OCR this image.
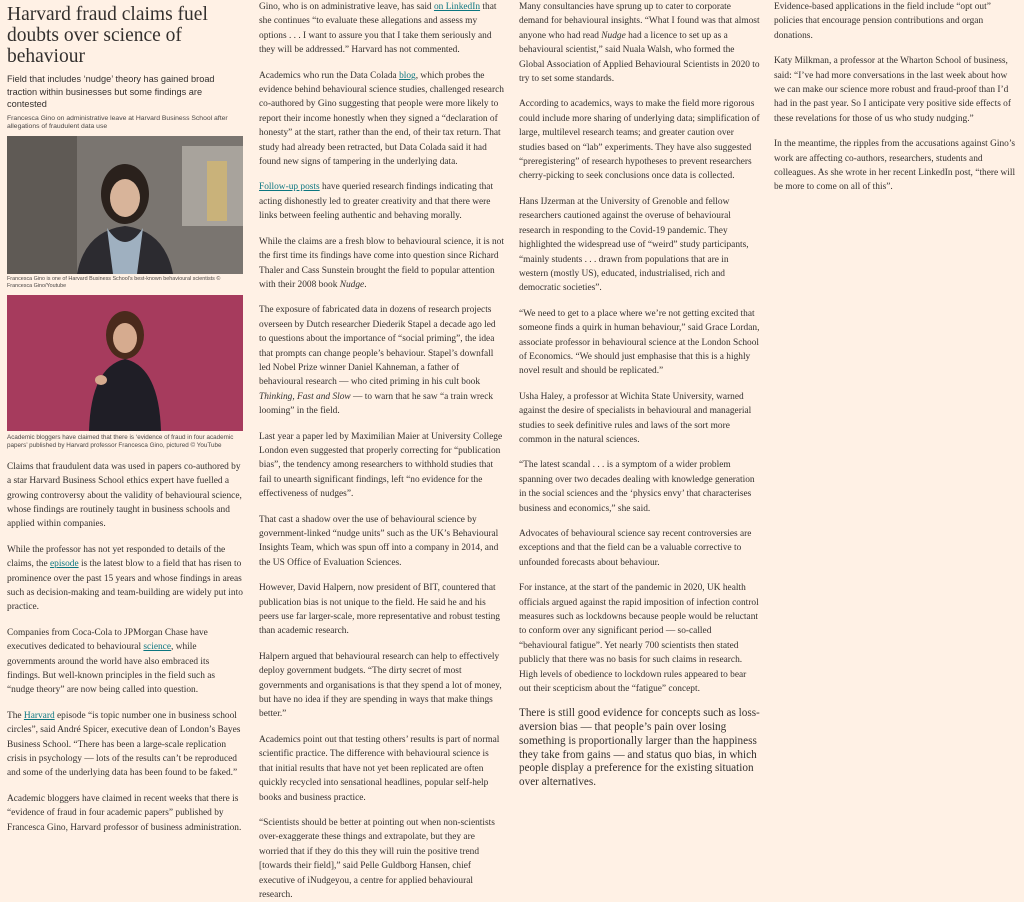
Harvard fraud claims fuel doubts over science of behaviour

Field that includes ‘nudge’ theory has gained broad traction within businesses but some findings are contested

Francesca Gino on administrative leave at Harvard Business School after allegations of fraudulent data use

Francesca Gino is one of Harvard Business School’s best-known behavioural scientists © Francesca Gino/Youtube

Academic bloggers have claimed that there is ‘evidence of fraud in four academic papers’ published by Harvard professor Francesca Gino, pictured © YouTube

Claims that fraudulent data was used in papers co-authored by a star Harvard Business School ethics expert have fuelled a growing controversy about the validity of behavioural science, whose findings are routinely taught in business schools and applied within companies.

While the professor has not yet responded to details of the claims, the episode is the latest blow to a field that has risen to prominence over the past 15 years and whose findings in areas such as decision-making and team-building are widely put into practice.

Companies from Coca-Cola to JPMorgan Chase have executives dedicated to behavioural science, while governments around the world have also embraced its findings. But well-known principles in the field such as “nudge theory” are now being called into question.

The Harvard episode “is topic number one in business school circles”, said André Spicer, executive dean of London’s Bayes Business School. “There has been a large-scale replication crisis in psychology — lots of the results can’t be reproduced and some of the underlying data has been found to be faked.”

Academic bloggers have claimed in recent weeks that there is “evidence of fraud in four academic papers” published by Francesca Gino, Harvard professor of business administration.

Gino, who is on administrative leave, has said on LinkedIn that she continues “to evaluate these allegations and assess my options . . . I want to assure you that I take them seriously and they will be addressed.” Harvard has not commented.

Academics who run the Data Colada blog, which probes the evidence behind behavioural science studies, challenged research co-authored by Gino suggesting that people were more likely to report their income honestly when they signed a “declaration of honesty” at the start, rather than the end, of their tax return. That study had already been retracted, but Data Colada said it had found new signs of tampering in the underlying data.

Follow-up posts have queried research findings indicating that acting dishonestly led to greater creativity and that there were links between feeling authentic and behaving morally.

While the claims are a fresh blow to behavioural science, it is not the first time its findings have come into question since Richard Thaler and Cass Sunstein brought the field to popular attention with their 2008 book Nudge.

The exposure of fabricated data in dozens of research projects overseen by Dutch researcher Diederik Stapel a decade ago led to questions about the importance of “social priming”, the idea that prompts can change people’s behaviour. Stapel’s downfall led Nobel Prize winner Daniel Kahneman, a father of behavioural research — who cited priming in his cult book Thinking, Fast and Slow — to warn that he saw “a train wreck looming” in the field.

Last year a paper led by Maximilian Maier at University College London even suggested that properly correcting for “publication bias”, the tendency among researchers to withhold studies that fail to unearth significant findings, left “no evidence for the effectiveness of nudges”.

That cast a shadow over the use of behavioural science by government-linked “nudge units” such as the UK’s Behavioural Insights Team, which was spun off into a company in 2014, and the US Office of Evaluation Sciences.

However, David Halpern, now president of BIT, countered that publication bias is not unique to the field. He said he and his peers use far larger-scale, more representative and robust testing than academic research.

Halpern argued that behavioural research can help to effectively deploy government budgets. “The dirty secret of most governments and organisations is that they spend a lot of money, but have no idea if they are spending in ways that make things better.”

Academics point out that testing others’ results is part of normal scientific practice. The difference with behavioural science is that initial results that have not yet been replicated are often quickly recycled into sensational headlines, popular self-help books and business practice.

“Scientists should be better at pointing out when non-scientists over-exaggerate these things and extrapolate, but they are worried that if they do this they will ruin the positive trend [towards their field],” said Pelle Guldborg Hansen, chief executive of iNudgeyou, a centre for applied behavioural research.

Many consultancies have sprung up to cater to corporate demand for behavioural insights. “What I found was that almost anyone who had read Nudge had a licence to set up as a behavioural scientist,” said Nuala Walsh, who formed the Global Association of Applied Behavioural Scientists in 2020 to try to set some standards.

According to academics, ways to make the field more rigorous could include more sharing of underlying data; simplification of large, multilevel research teams; and greater caution over studies based on “lab” experiments. They have also suggested “preregistering” of research hypotheses to prevent researchers cherry-picking to seek conclusions once data is collected.

Hans IJzerman at the University of Grenoble and fellow researchers cautioned against the overuse of behavioural research in responding to the Covid-19 pandemic. They highlighted the widespread use of “weird” study participants, “mainly students . . . drawn from populations that are in western (mostly US), educated, industrialised, rich and democratic societies”.

“We need to get to a place where we’re not getting excited that someone finds a quirk in human behaviour,” said Grace Lordan, associate professor in behavioural science at the London School of Economics. “We should just emphasise that this is a highly novel result and should be replicated.”

Usha Haley, a professor at Wichita State University, warned against the desire of specialists in behavioural and managerial studies to seek definitive rules and laws of the sort more common in the natural sciences.

“The latest scandal . . . is a symptom of a wider problem spanning over two decades dealing with knowledge generation in the social sciences and the ‘physics envy’ that characterises business and economics,” she said.

Advocates of behavioural science say recent controversies are exceptions and that the field can be a valuable corrective to unfounded forecasts about behaviour.

For instance, at the start of the pandemic in 2020, UK health officials argued against the rapid imposition of infection control measures such as lockdowns because people would be reluctant to conform over any significant period — so-called “behavioural fatigue”. Yet nearly 700 scientists then stated publicly that there was no basis for such claims in research. High levels of obedience to lockdown rules appeared to bear out their scepticism about the “fatigue” concept.

There is still good evidence for concepts such as loss-aversion bias — that people’s pain over losing something is proportionally larger than the happiness they take from gains — and status quo bias, in which people display a preference for the existing situation over alternatives.

Evidence-based applications in the field include “opt out” policies that encourage pension contributions and organ donations.

Katy Milkman, a professor at the Wharton School of business, said: “I’ve had more conversations in the last week about how we can make our science more robust and fraud-proof than I’d had in the past year. So I anticipate very positive side effects of these revelations for those of us who study nudging.”

In the meantime, the ripples from the accusations against Gino’s work are affecting co-authors, researchers, students and colleagues. As she wrote in her recent LinkedIn post, “there will be more to come on all of this”.
